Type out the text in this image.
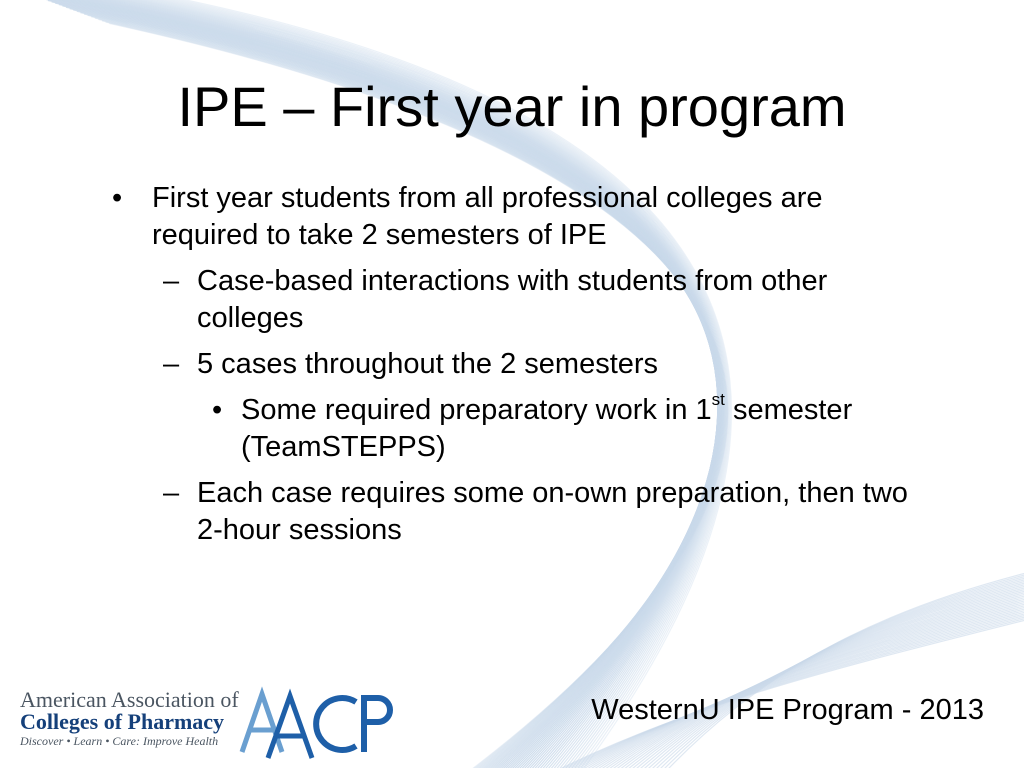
IPE – First year in program
• First year students from all professional colleges are required to take 2 semesters of IPE
– Case-based interactions with students from other colleges
– 5 cases throughout the 2 semesters
• Some required preparatory work in 1st semester (TeamSTEPPS)
– Each case requires some on-own preparation, then two 2-hour sessions
American Association of
Colleges of Pharmacy
Discover • Learn • Care: Improve Health
WesternU IPE Program - 2013
